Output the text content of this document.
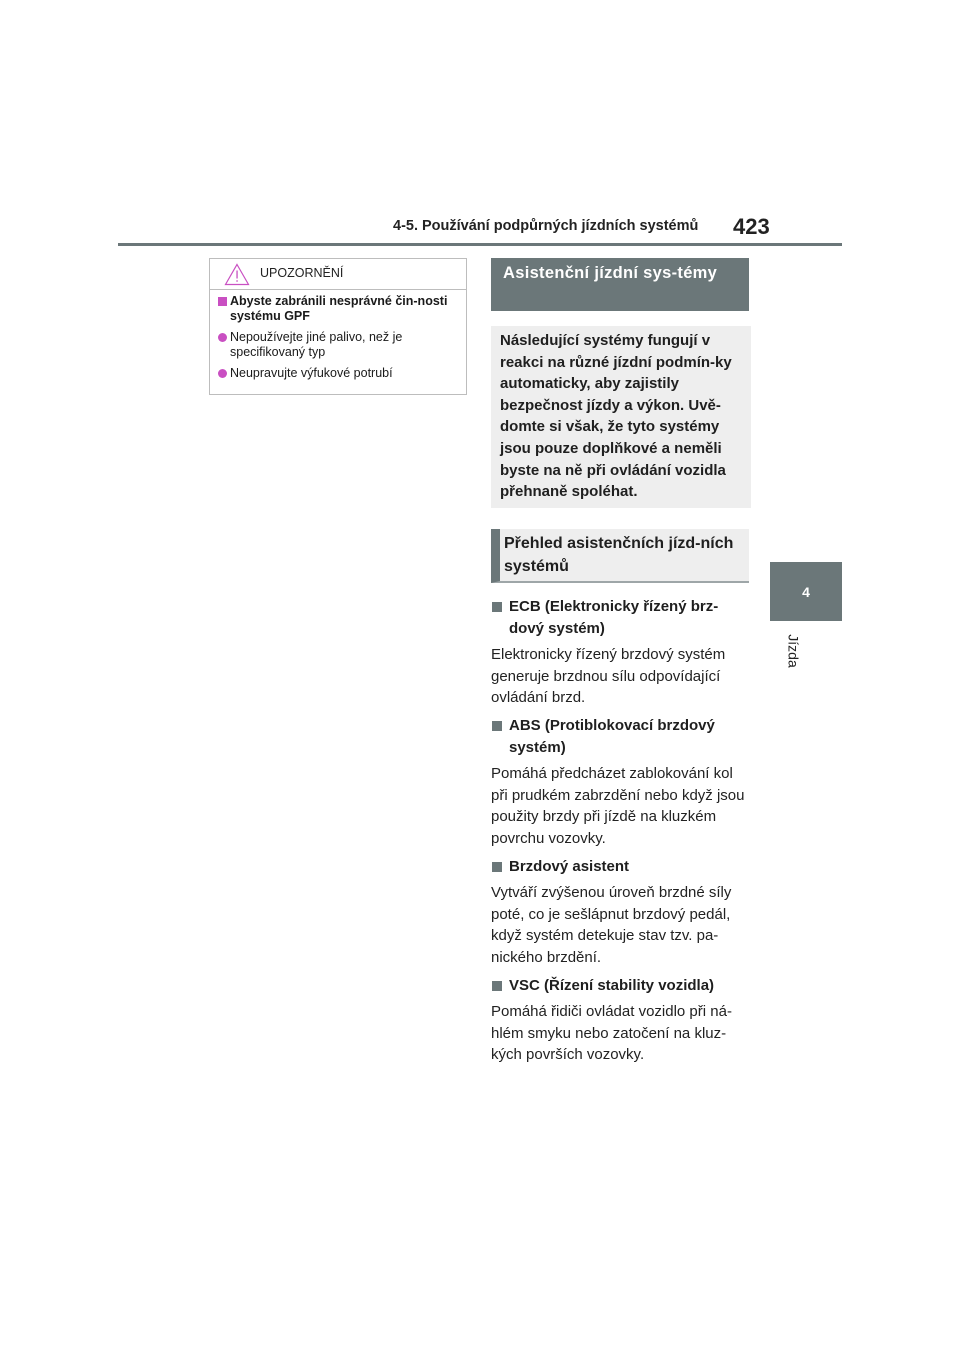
4-5. Používání podpůrných jízdních systémů 423
4
Jízda
UPOZORNĚNÍ
Abyste zabránili nesprávné čin-nosti systému GPF
Nepoužívejte jiné palivo, než je specifikovaný typ
Neupravujte výfukové potrubí
Asistenční jízdní sys-témy
Následující systémy fungují v reakci na různé jízdní podmín-ky automaticky, aby zajistily bezpečnost jízdy a výkon. Uvě-domte si však, že tyto systémy jsou pouze doplňkové a neměli byste na ně při ovládání vozidla přehnaně spoléhat.
Přehled asistenčních jízd-ních systémů
ECB (Elektronicky řízený brz-dový systém)
Elektronicky řízený brzdový systém generuje brzdnou sílu odpovídající ovládání brzd.
ABS (Protiblokovací brzdový systém)
Pomáhá předcházet zablokování kol při prudkém zabrzdění nebo když jsou použity brzdy při jízdě na kluzkém povrchu vozovky.
Brzdový asistent
Vytváří zvýšenou úroveň brzdné síly poté, co je sešlápnut brzdový pedál, když systém detekuje stav tzv. pa-nického brzdění.
VSC (Řízení stability vozidla)
Pomáhá řidiči ovládat vozidlo při ná-hlém smyku nebo zatočení na kluz-kých površích vozovky.
